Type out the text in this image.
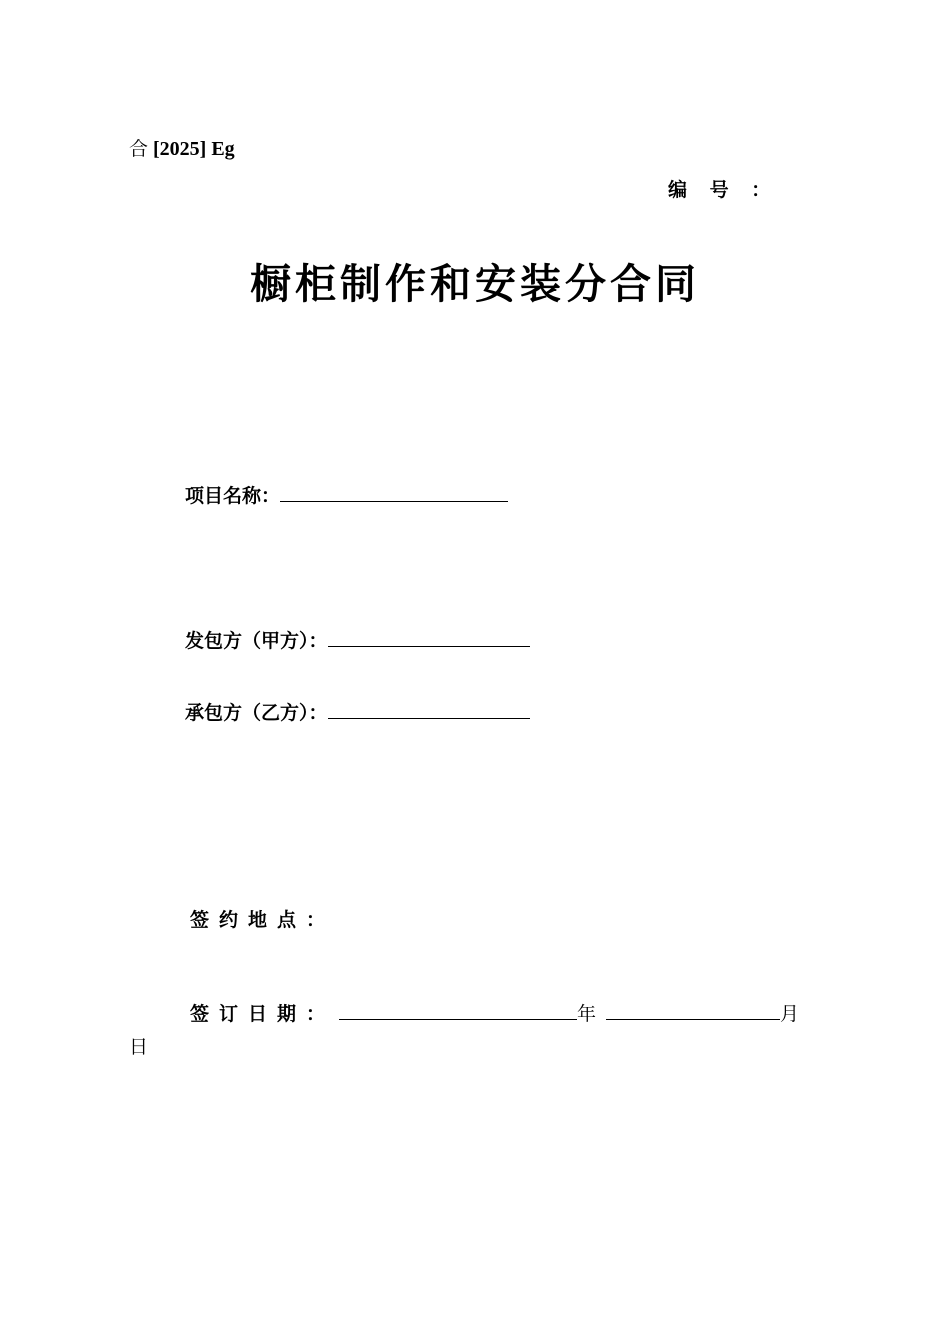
合 [2025] Eg
编 号 ：
橱柜制作和安装分合同
项目名称：
发包方（甲方）：
承包方（乙方）：
签约地点：
签订日期：	年	月
日
